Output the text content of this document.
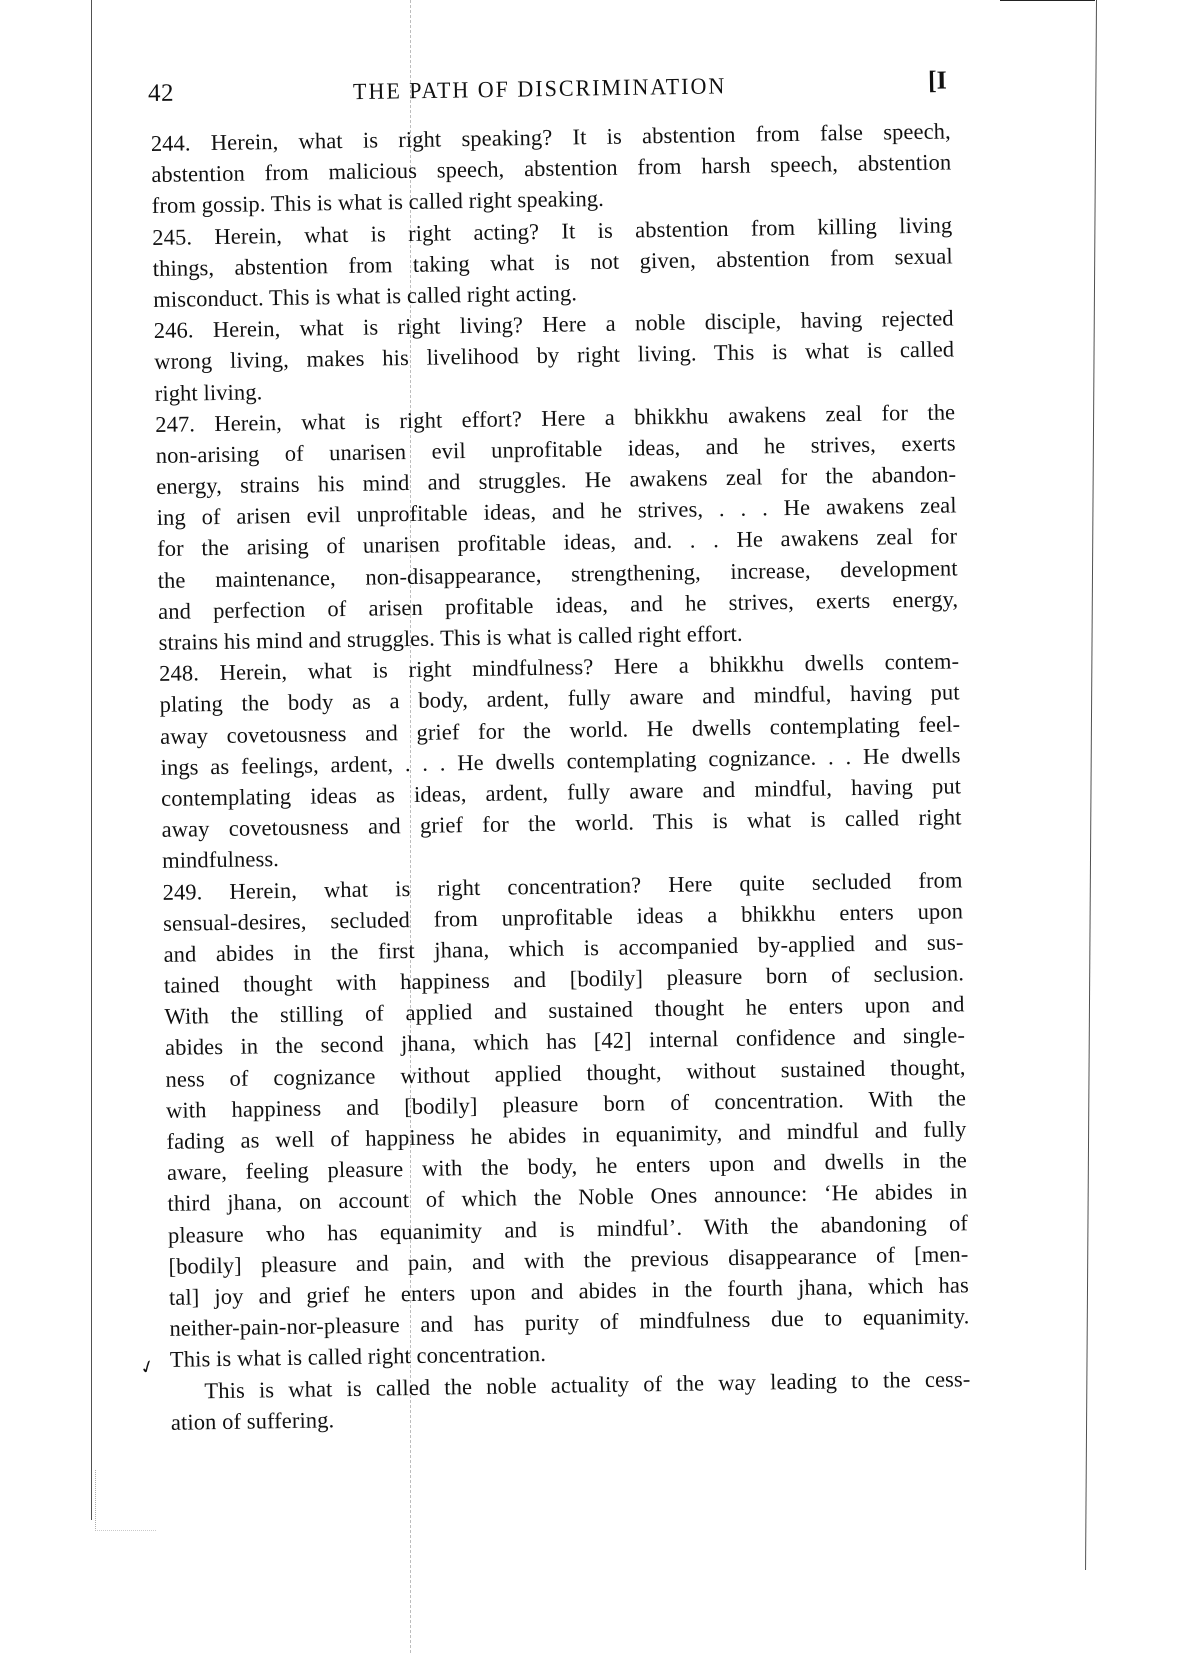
42	THE PATH OF DISCRIMINATION	[I
244. Herein, what is right speaking? It is abstention from false speech,
abstention from malicious speech, abstention from harsh speech, abstention
from gossip. This is what is called right speaking.
245. Herein, what is right acting? It is abstention from killing living
things, abstention from taking what is not given, abstention from sexual
misconduct. This is what is called right acting.
246. Herein, what is right living? Here a noble disciple, having rejected
wrong living, makes his livelihood by right living. This is what is called
right living.
247. Herein, what is right effort? Here a bhikkhu awakens zeal for the
non-arising of unarisen evil unprofitable ideas, and he strives, exerts
energy, strains his mind and struggles. He awakens zeal for the abandon-
ing of arisen evil unprofitable ideas, and he strives, . . . He awakens zeal
for the arising of unarisen profitable ideas, and. . . He awakens zeal for
the maintenance, non-disappearance, strengthening, increase, development
and perfection of arisen profitable ideas, and he strives, exerts energy,
strains his mind and struggles. This is what is called right effort.
248. Herein, what is right mindfulness? Here a bhikkhu dwells contem-
plating the body as a body, ardent, fully aware and mindful, having put
away covetousness and grief for the world. He dwells contemplating feel-
ings as feelings, ardent, . . . He dwells contemplating cognizance. . . He dwells
contemplating ideas as ideas, ardent, fully aware and mindful, having put
away covetousness and grief for the world. This is what is called right
mindfulness.
249. Herein, what is right concentration? Here quite secluded from
sensual-desires, secluded from unprofitable ideas a bhikkhu enters upon
and abides in the first jhana, which is accompanied by-applied and sus-
tained thought with happiness and [bodily] pleasure born of seclusion.
With the stilling of applied and sustained thought he enters upon and
abides in the second jhana, which has [42] internal confidence and single-
ness of cognizance without applied thought, without sustained thought,
with happiness and [bodily] pleasure born of concentration. With the
fading as well of happiness he abides in equanimity, and mindful and fully
aware, feeling pleasure with the body, he enters upon and dwells in the
third jhana, on account of which the Noble Ones announce: ‘He abides in
pleasure who has equanimity and is mindful’. With the abandoning of
[bodily] pleasure and pain, and with the previous disappearance of [men-
tal] joy and grief he enters upon and abides in the fourth jhana, which has
neither-pain-nor-pleasure and has purity of mindfulness due to equanimity.
This is what is called right concentration.
This is what is called the noble actuality of the way leading to the cess-
ation of suffering.
✓
